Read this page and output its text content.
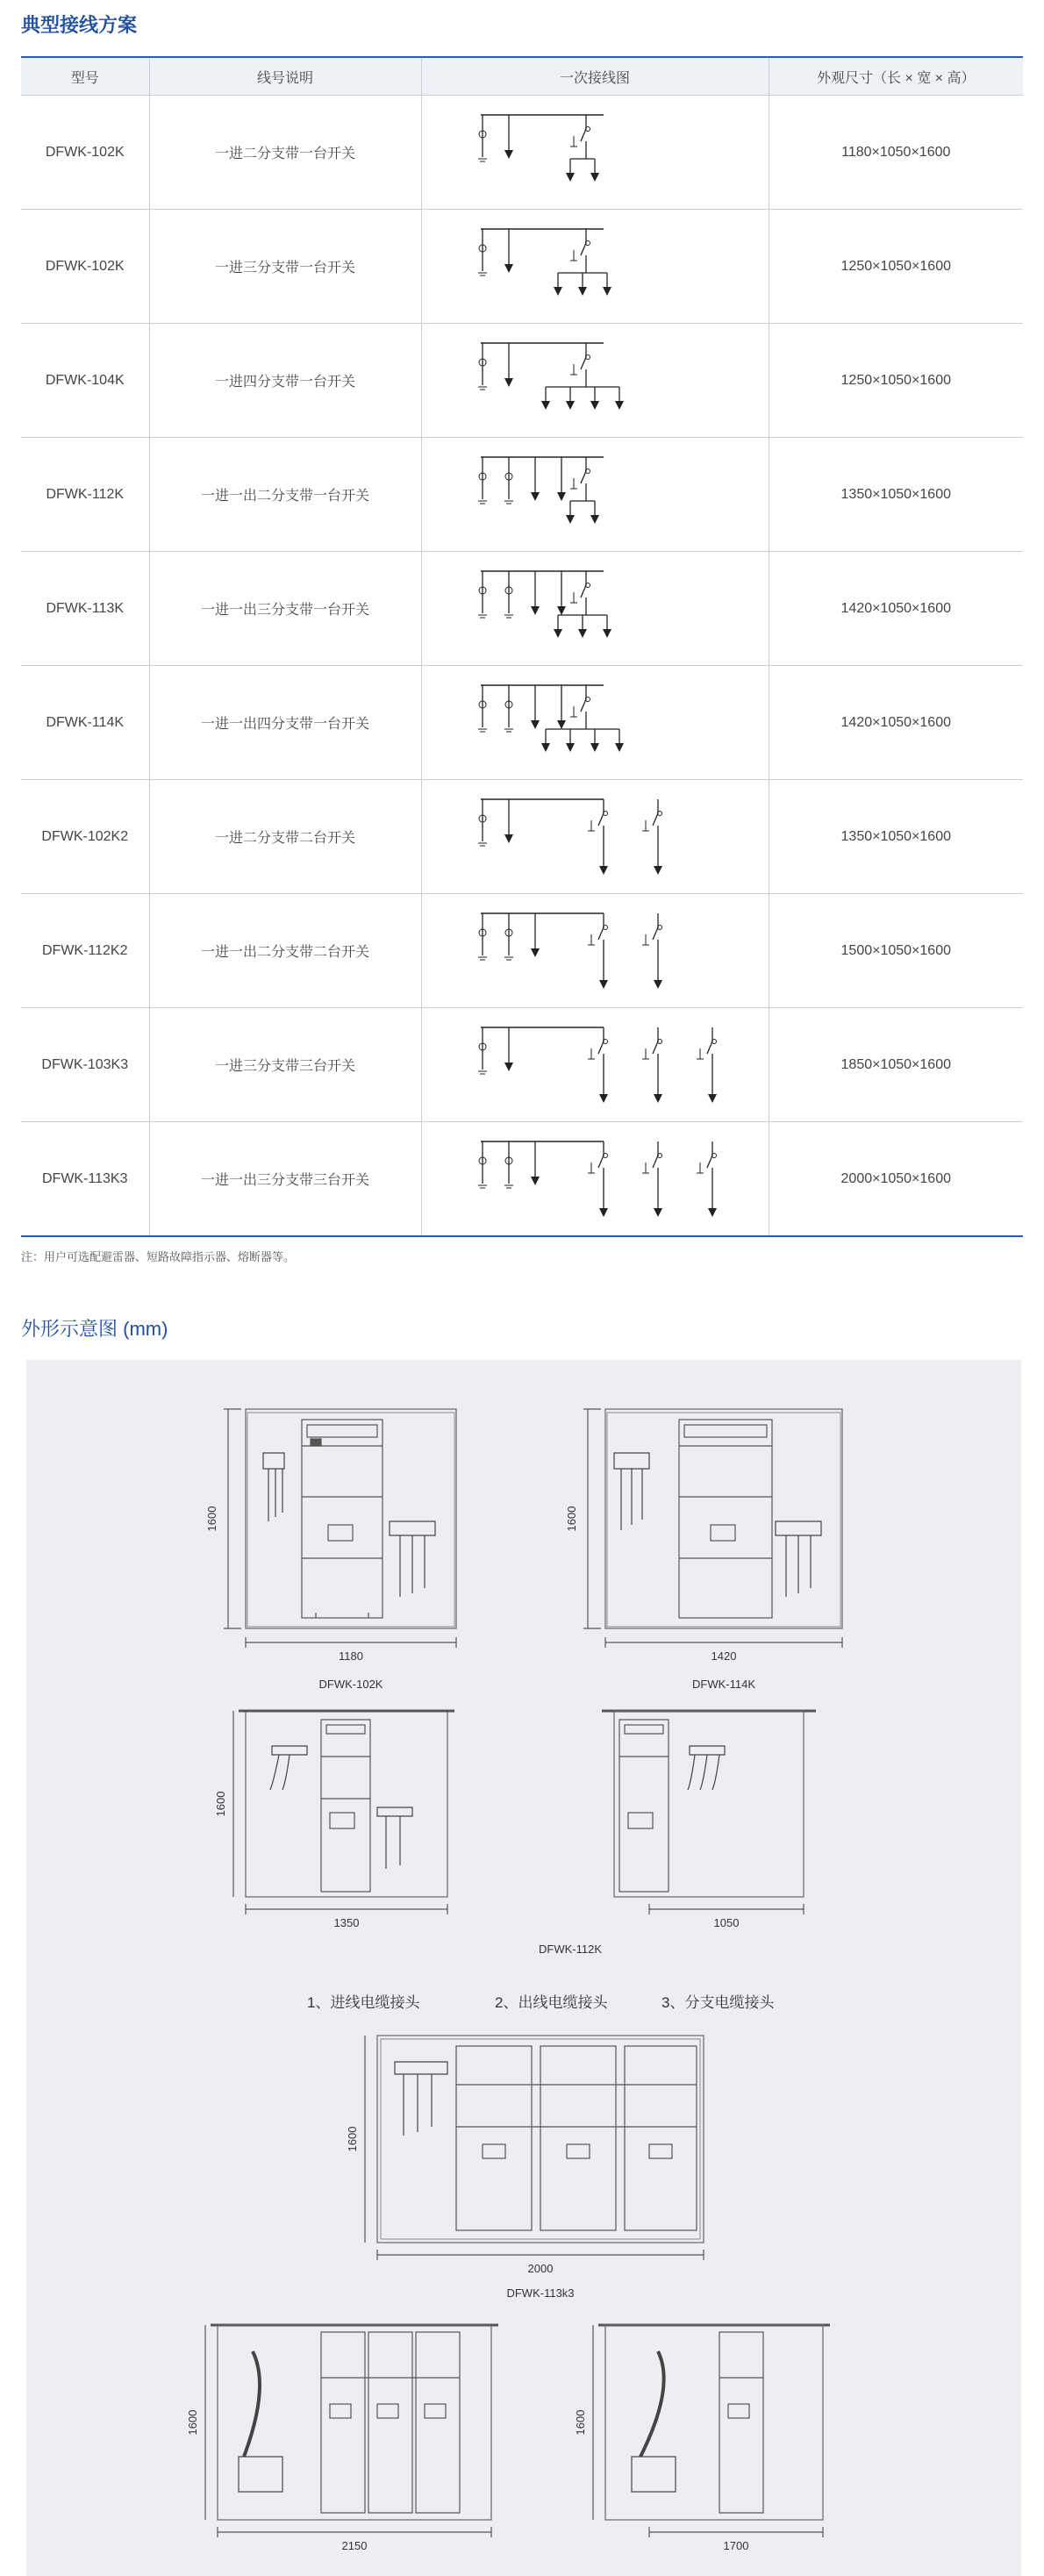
典型接线方案
型号	线号说明	一次接线图	外观尺寸（长 × 宽 × 高）
DFWK-102K	一进二分支带一台开关		1180×1050×1600
DFWK-102K	一进三分支带一台开关		1250×1050×1600
DFWK-104K	一进四分支带一台开关		1250×1050×1600
DFWK-112K	一进一出二分支带一台开关		1350×1050×1600
DFWK-113K	一进一出三分支带一台开关		1420×1050×1600
DFWK-114K	一进一出四分支带一台开关		1420×1050×1600
DFWK-102K2	一进二分支带二台开关		1350×1050×1600
DFWK-112K2	一进一出二分支带二台开关		1500×1050×1600
DFWK-103K3	一进三分支带三台开关		1850×1050×1600
DFWK-113K3	一进一出三分支带三台开关		2000×1050×1600
注：用户可选配避雷器、短路故障指示器、熔断器等。
外形示意图 (mm)
1600
1180
DFWK-102K
1600
1420
DFWK-114K
1600
1350	1050
DFWK-112K
1、进线电缆接头	2、出线电缆接头	3、分支电缆接头
1600
2000
DFWK-113k3
1600
2150
1600
1700
